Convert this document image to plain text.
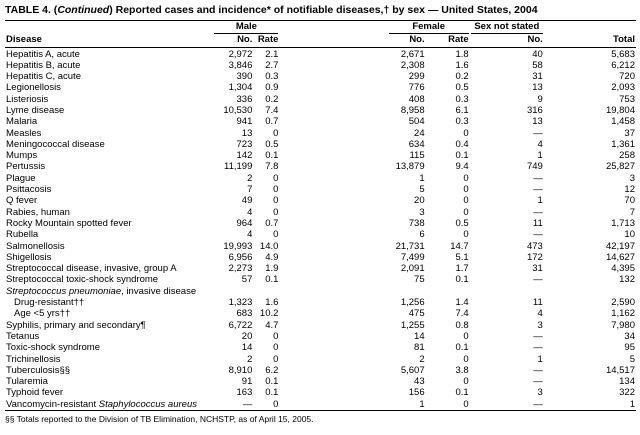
TABLE 4. (Continued) Reported cases and incidence* of notifiable diseases,† by sex — United States, 2004
	Male		Female		Sex not stated	
Disease	No.	Rate	No.	Rate	No.	Total
Hepatitis A, acute	2,972	2.1	2,671	1.8	40	5,683
Hepatitis B, acute	3,846	2.7	2,308	1.6	58	6,212
Hepatitis C, acute	390	0.3	299	0.2	31	720
Legionellosis	1,304	0.9	776	0.5	13	2,093
Listeriosis	336	0.2	408	0.3	9	753
Lyme disease	10,530	7.4	8,958	6.1	316	19,804
Malaria	941	0.7	504	0.3	13	1,458
Measles	13	0	24	0	—	37
Meningococcal disease	723	0.5	634	0.4	4	1,361
Mumps	142	0.1	115	0.1	1	258
Pertussis	11,199	7.8	13,879	9.4	749	25,827
Plague	2	0	1	0	—	3
Psittacosis	7	0	5	0	—	12
Q fever	49	0	20	0	1	70
Rabies, human	4	0	3	0	—	7
Rocky Mountain spotted fever	964	0.7	738	0.5	11	1,713
Rubella	4	0	6	0	—	10
Salmonellosis	19,993	14.0	21,731	14.7	473	42,197
Shigellosis	6,956	4.9	7,499	5.1	172	14,627
Streptococcal disease, invasive, group A	2,273	1.9	2,091	1.7	31	4,395
Streptococcal toxic-shock syndrome	57	0.1	75	0.1	—	132
Streptococcus pneumoniae, invasive disease						
Drug-resistant††	1,323	1.6	1,256	1.4	11	2,590
Age <5 yrs††	683	10.2	475	7.4	4	1,162
Syphilis, primary and secondary¶	6,722	4.7	1,255	0.8	3	7,980
Tetanus	20	0	14	0	—	34
Toxic-shock syndrome	14	0	81	0.1	—	95
Trichinellosis	2	0	2	0	1	5
Tuberculosis§§	8,910	6.2	5,607	3.8	—	14,517
Tularemia	91	0.1	43	0	—	134
Typhoid fever	163	0.1	156	0.1	3	322
Vancomycin-resistant Staphylococcus aureus	—	0	1	0	—	1
§§ Totals reported to the Division of TB Elimination, NCHSTP, as of April 15, 2005.
